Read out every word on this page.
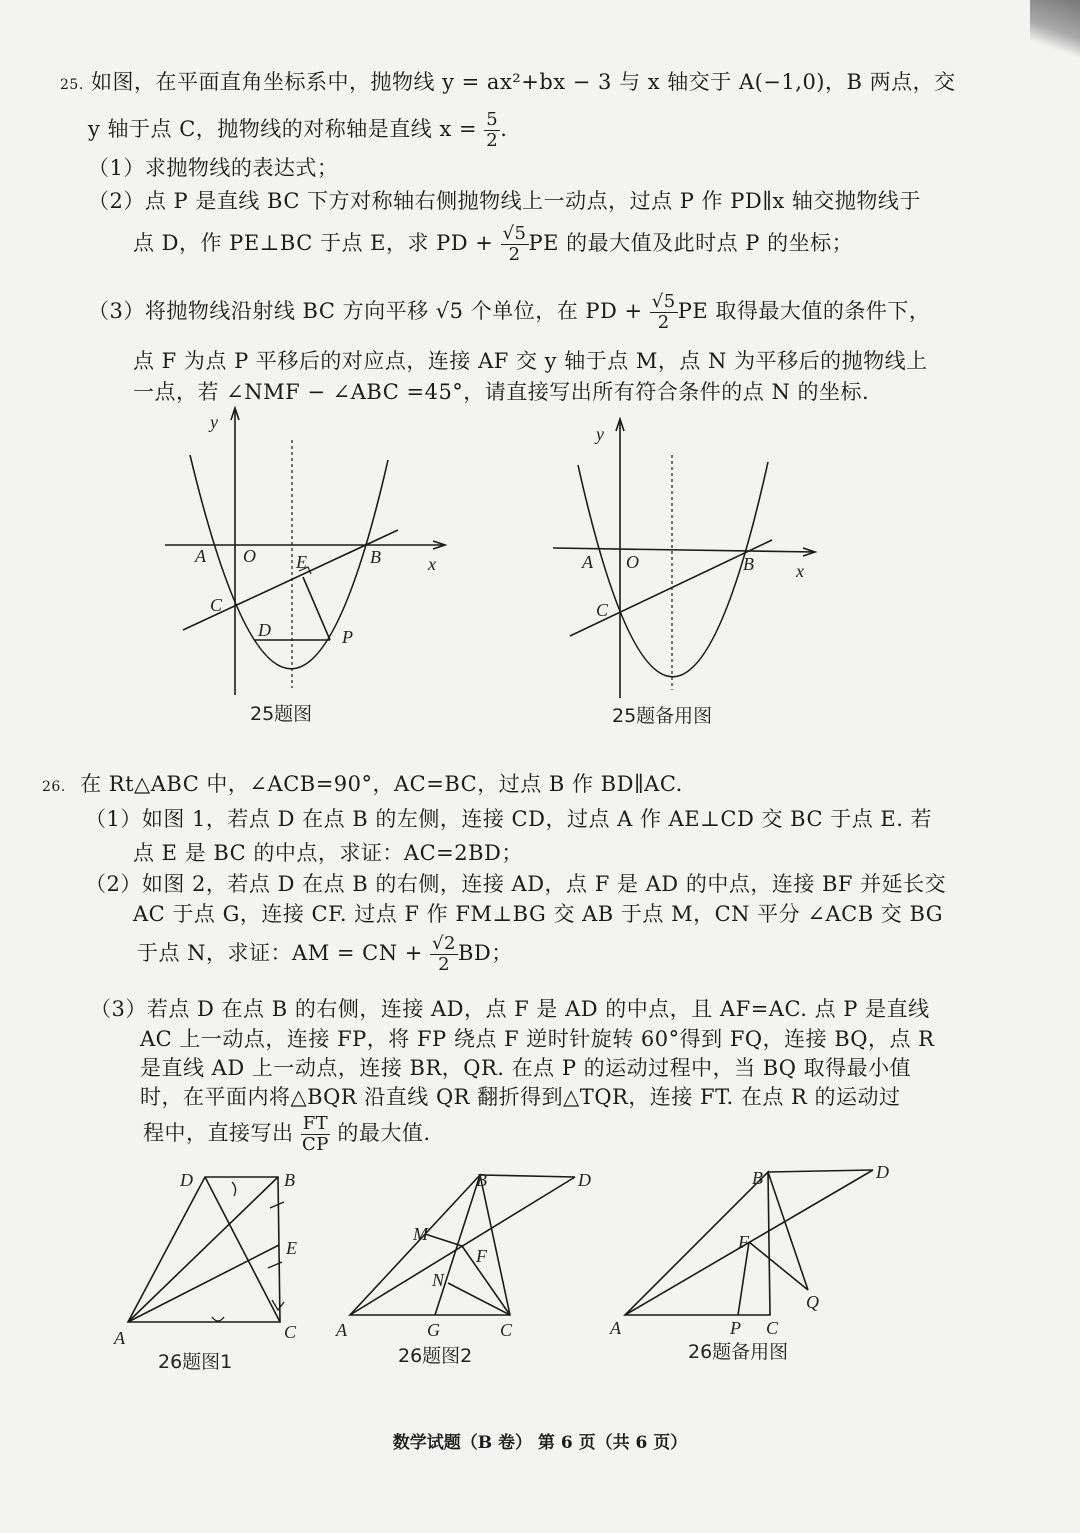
25. 如图，在平面直角坐标系中，抛物线 y = ax²+bx − 3 与 x 轴交于 A(−1,0)，B 两点，交
y 轴于点 C，抛物线的对称轴是直线 $x = \frac{5}{2}$ .
（1）求抛物线的表达式；
（2）点 P 是直线 BC 下方对称轴右侧抛物线上一动点，过点 P 作 PD∥x 轴交抛物线于
点 D，作 PE⊥BC 于点 E，求 PD + $\frac{√5}{2}$ PE 的最大值及此时点 P 的坐标；
（3）将抛物线沿射线 BC 方向平移 √5 个单位，在 PD + $\frac{√5}{2}$ PE 取得最大值的条件下，
点 F 为点 P 平移后的对应点，连接 AF 交 y 轴于点 M，点 N 为平移后的抛物线上
一点，若 ∠NMF − ∠ABC =45°，请直接写出所有符合条件的点 N 的坐标.
26. 在 Rt△ABC 中，∠ACB=90°，AC=BC，过点 B 作 BD∥AC.
（1）如图 1，若点 D 在点 B 的左侧，连接 CD，过点 A 作 AE⊥CD 交 BC 于点 E. 若
点 E 是 BC 的中点，求证：AC=2BD；
（2）如图 2，若点 D 在点 B 的右侧，连接 AD，点 F 是 AD 的中点，连接 BF 并延长交
AC 于点 G，连接 CF. 过点 F 作 FM⊥BG 交 AB 于点 M，CN 平分 ∠ACB 交 BG
于点 N，求证：AM = CN + $\frac{√2}{2}$ BD；
（3）若点 D 在点 B 的右侧，连接 AD，点 F 是 AD 的中点，且 AF=AC. 点 P 是直线
AC 上一动点，连接 FP，将 FP 绕点 F 逆时针旋转 60°得到 FQ，连接 BQ，点 R
是直线 AD 上一动点，连接 BR，QR. 在点 P 的运动过程中，当 BQ 取得最小值
时，在平面内将△BQR 沿直线 QR 翻折得到△TQR，连接 FT. 在点 R 的运动过
程中，直接写出 $\frac{FT}{CP}$ 的最大值.
y
x
A O E	B
C
D	P
25题图
y
x
A O	B
C
25题备用图
D	B
E
A	C
26题图1
B	D
M
F
N
A	G	C
26题图2
B	D
F
Q
A	P C
26题备用图
数学试题（B 卷） 第 6 页（共 6 页）
